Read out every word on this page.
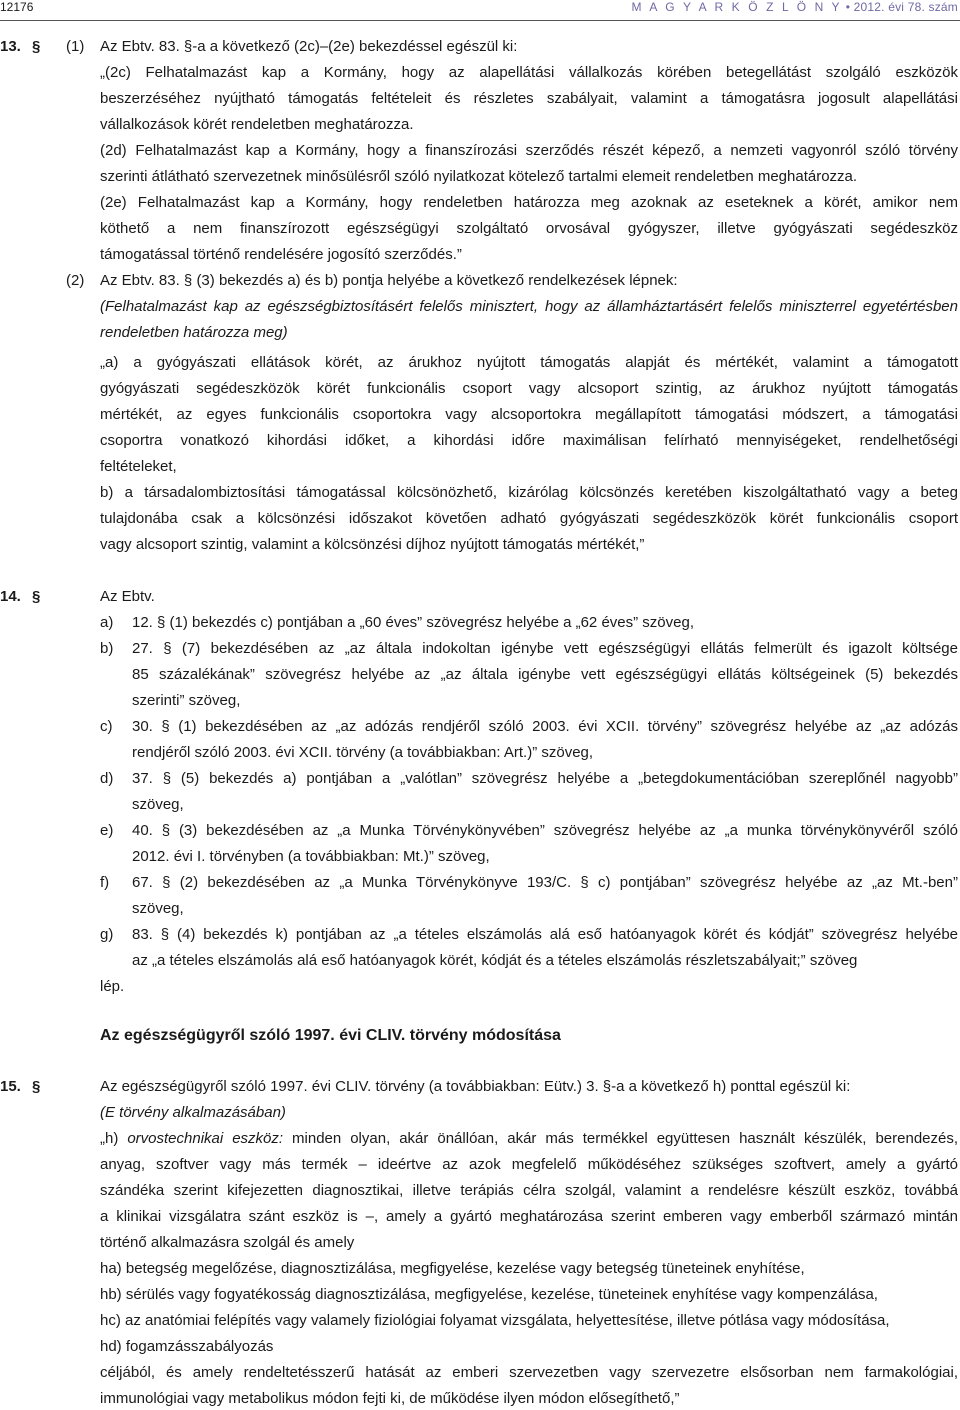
12176	M A G Y A R K Ö Z L Ö N Y • 2012. évi 78. szám
13. § (1) Az Ebtv. 83. §-a a következő (2c)–(2e) bekezdéssel egészül ki:
„(2c) Felhatalmazást kap a Kormány, hogy az alapellátási vállalkozás körében betegellátást szolgáló eszközök
beszerzéséhez nyújtható támogatás feltételeit és részletes szabályait, valamint a támogatásra jogosult alapellátási
vállalkozások körét rendeletben meghatározza.
(2d) Felhatalmazást kap a Kormány, hogy a finanszírozási szerződés részét képező, a nemzeti vagyonról szóló törvény
szerinti átlátható szervezetnek minősülésről szóló nyilatkozat kötelező tartalmi elemeit rendeletben meghatározza.
(2e) Felhatalmazást kap a Kormány, hogy rendeletben határozza meg azoknak az eseteknek a körét, amikor nem
köthető a nem finanszírozott egészségügyi szolgáltató orvosával gyógyszer, illetve gyógyászati segédeszköz
támogatással történő rendelésére jogosító szerződés.”
(2) Az Ebtv. 83. § (3) bekezdés a) és b) pontja helyébe a következő rendelkezések lépnek:
(Felhatalmazást kap az egészségbiztosításért felelős minisztert, hogy az államháztartásért felelős miniszterrel egyetértésben
rendeletben határozza meg)
„a) a gyógyászati ellátások körét, az árukhoz nyújtott támogatás alapját és mértékét, valamint a támogatott
gyógyászati segédeszközök körét funkcionális csoport vagy alcsoport szintig, az árukhoz nyújtott támogatás
mértékét, az egyes funkcionális csoportokra vagy alcsoportokra megállapított támogatási módszert, a támogatási
csoportra vonatkozó kihordási időket, a kihordási időre maximálisan felírható mennyiségeket, rendelhetőségi
feltételeket,
b) a társadalombiztosítási támogatással kölcsönözhető, kizárólag kölcsönzés keretében kiszolgáltatható vagy a beteg
tulajdonába csak a kölcsönzési időszakot követően adható gyógyászati segédeszközök körét funkcionális csoport
vagy alcsoport szintig, valamint a kölcsönzési díjhoz nyújtott támogatás mértékét,”
14. §	Az Ebtv.
a) 12. § (1) bekezdés c) pontjában a „60 éves” szövegrész helyébe a „62 éves” szöveg,
b) 27. § (7) bekezdésében az „az általa indokoltan igénybe vett egészségügyi ellátás felmerült és igazolt költsége
85 százalékának” szövegrész helyébe az „az általa igénybe vett egészségügyi ellátás költségeinek (5) bekezdés
szerinti” szöveg,
c) 30. § (1) bekezdésében az „az adózás rendjéről szóló 2003. évi XCII. törvény” szövegrész helyébe az „az adózás
rendjéről szóló 2003. évi XCII. törvény (a továbbiakban: Art.)” szöveg,
d) 37. § (5) bekezdés a) pontjában a „valótlan” szövegrész helyébe a „betegdokumentációban szereplőnél nagyobb”
szöveg,
e) 40. § (3) bekezdésében az „a Munka Törvénykönyvében” szövegrész helyébe az „a munka törvénykönyvéről szóló
2012. évi I. törvényben (a továbbiakban: Mt.)” szöveg,
f) 67. § (2) bekezdésében az „a Munka Törvénykönyve 193/C. § c) pontjában” szövegrész helyébe az „az Mt.-ben”
szöveg,
g) 83. § (4) bekezdés k) pontjában az „a tételes elszámolás alá eső hatóanyagok körét és kódját” szövegrész helyébe
az „a tételes elszámolás alá eső hatóanyagok körét, kódját és a tételes elszámolás részletszabályait;” szöveg
lép.
Az egészségügyről szóló 1997. évi CLIV. törvény módosítása
15. §	Az egészségügyről szóló 1997. évi CLIV. törvény (a továbbiakban: Eütv.) 3. §-a a következő h) ponttal egészül ki:
(E törvény alkalmazásában)
„h) orvostechnikai eszköz: minden olyan, akár önállóan, akár más termékkel együttesen használt készülék, berendezés,
anyag, szoftver vagy más termék – ideértve az azok megfelelő működéséhez szükséges szoftvert, amely a gyártó
szándéka szerint kifejezetten diagnosztikai, illetve terápiás célra szolgál, valamint a rendelésre készült eszköz, továbbá
a klinikai vizsgálatra szánt eszköz is –, amely a gyártó meghatározása szerint emberen vagy emberből származó mintán
történő alkalmazásra szolgál és amely
ha) betegség megelőzése, diagnosztizálása, megfigyelése, kezelése vagy betegség tüneteinek enyhítése,
hb) sérülés vagy fogyatékosság diagnosztizálása, megfigyelése, kezelése, tüneteinek enyhítése vagy kompenzálása,
hc) az anatómiai felépítés vagy valamely fiziológiai folyamat vizsgálata, helyettesítése, illetve pótlása vagy módosítása,
hd) fogamzásszabályozás
céljából, és amely rendeltetésszerű hatását az emberi szervezetben vagy szervezetre elsősorban nem farmakológiai,
immunológiai vagy metabolikus módon fejti ki, de működése ilyen módon elősegíthető,”
